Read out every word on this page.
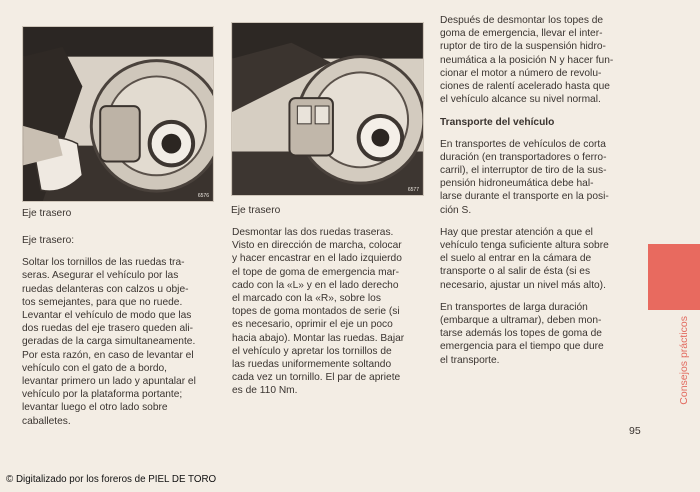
6576
Eje trasero
6577
Eje trasero

Eje trasero:

Soltar los tornillos de las ruedas tra-
seras. Asegurar el vehículo por las
ruedas delanteras con calzos u obje-
tos semejantes, para que no ruede.
Levantar el vehículo de modo que las
dos ruedas del eje trasero queden ali-
geradas de la carga simultaneamente.
Por esta razón, en caso de levantar el
vehículo con el gato de a bordo,
levantar primero un lado y apuntalar el
vehículo por la plataforma portante;
levantar luego el otro lado sobre
caballetes.

Desmontar las dos ruedas traseras.
Visto en dirección de marcha, colocar
y hacer encastrar en el lado izquierdo
el tope de goma de emergencia mar-
cado con la «L» y en el lado derecho
el marcado con la «R», sobre los
topes de goma montados de serie (si
es necesario, oprimir el eje un poco
hacia abajo). Montar las ruedas. Bajar
el vehículo y apretar los tornillos de
las ruedas uniformemente soltando
cada vez un tornillo. El par de apriete
es de 110 Nm.

Después de desmontar los topes de
goma de emergencia, llevar el inter-
ruptor de tiro de la suspensión hidro-
neumática a la posición N y hacer fun-
cionar el motor a número de revolu-
ciones de ralentí acelerado hasta que
el vehículo alcance su nivel normal.

Transporte del vehículo

En transportes de vehículos de corta
duración (en transportadores o ferro-
carril), el interruptor de tiro de la sus-
pensión hidroneumática debe hal-
larse durante el transporte en la posi-
ción S.

Hay que prestar atención a que el
vehículo tenga suficiente altura sobre
el suelo al entrar en la cámara de
transporte o al salir de ésta (si es
necesario, ajustar un nivel más alto).

En transportes de larga duración
(embarque a ultramar), deben mon-
tarse además los topes de goma de
emergencia para el tiempo que dure
el transporte.	Consejos prácticos
95
© Digitalizado por los foreros de PIEL DE TORO
